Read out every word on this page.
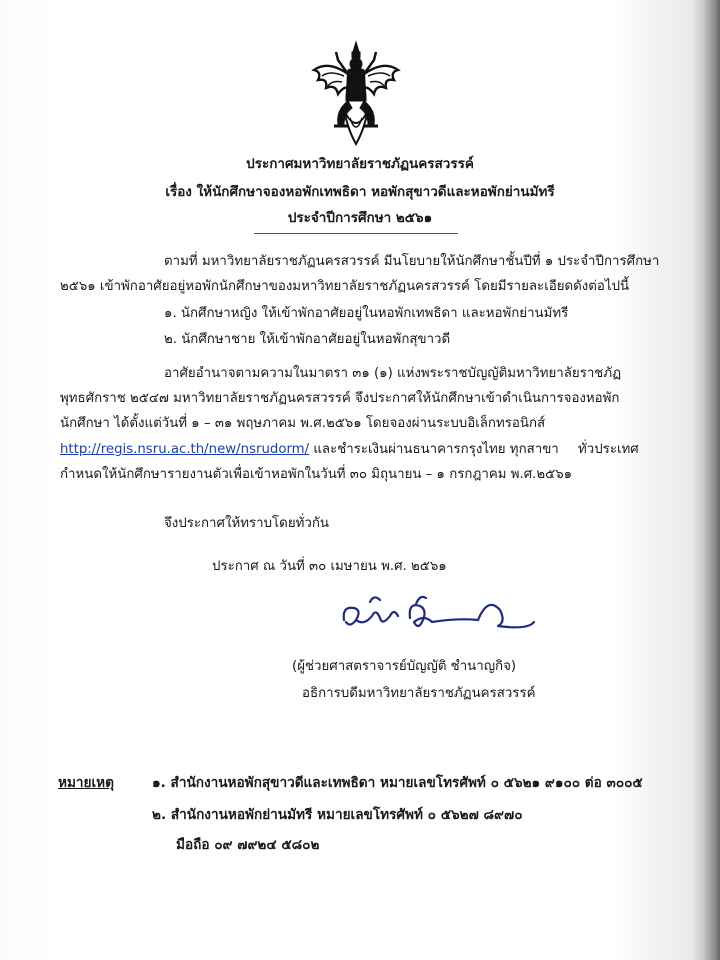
ประกาศมหาวิทยาลัยราชภัฏนครสวรรค์
เรื่อง ให้นักศึกษาจองหอพักเทพธิดา หอพักสุขาวดีและหอพักย่านมัทรี
ประจำปีการศึกษา ๒๕๖๑
ตามที่ มหาวิทยาลัยราชภัฏนครสวรรค์ มีนโยบายให้นักศึกษาชั้นปีที่ ๑ ประจำปีการศึกษา
๒๕๖๑ เข้าพักอาศัยอยู่หอพักนักศึกษาของมหาวิทยาลัยราชภัฏนครสวรรค์ โดยมีรายละเอียดดังต่อไปนี้
๑. นักศึกษาหญิง ให้เข้าพักอาศัยอยู่ในหอพักเทพธิดา และหอพักย่านมัทรี
๒. นักศึกษาชาย ให้เข้าพักอาศัยอยู่ในหอพักสุขาวดี
อาศัยอำนาจตามความในมาตรา ๓๑ (๑) แห่งพระราชบัญญัติมหาวิทยาลัยราชภัฏ
พุทธศักราช ๒๕๔๗ มหาวิทยาลัยราชภัฏนครสวรรค์ จึงประกาศให้นักศึกษาเข้าดำเนินการจองหอพัก
นักศึกษา ได้ตั้งแต่วันที่ ๑ – ๓๑ พฤษภาคม พ.ศ.๒๕๖๑ โดยจองผ่านระบบอิเล็กทรอนิกส์
http://regis.nsru.ac.th/new/nsrudorm/ และชำระเงินผ่านธนาคารกรุงไทย ทุกสาขา ทั่วประเทศ
กำหนดให้นักศึกษารายงานตัวเพื่อเข้าหอพักในวันที่ ๓๐ มิถุนายน – ๑ กรกฎาคม พ.ศ.๒๕๖๑
จึงประกาศให้ทราบโดยทั่วกัน
ประกาศ ณ วันที่ ๓๐ เมษายน พ.ศ. ๒๕๖๑
(ผู้ช่วยศาสตราจารย์บัญญัติ ชำนาญกิจ)
อธิการบดีมหาวิทยาลัยราชภัฏนครสวรรค์
หมายเหตุ	๑. สำนักงานหอพักสุขาวดีและเทพธิดา หมายเลขโทรศัพท์ ๐ ๕๖๒๑ ๙๑๐๐ ต่อ ๓๐๐๕
๒. สำนักงานหอพักย่านมัทรี หมายเลขโทรศัพท์ ๐ ๕๖๒๗ ๘๙๗๐
มือถือ ๐๙ ๗๙๒๔ ๕๘๐๒
